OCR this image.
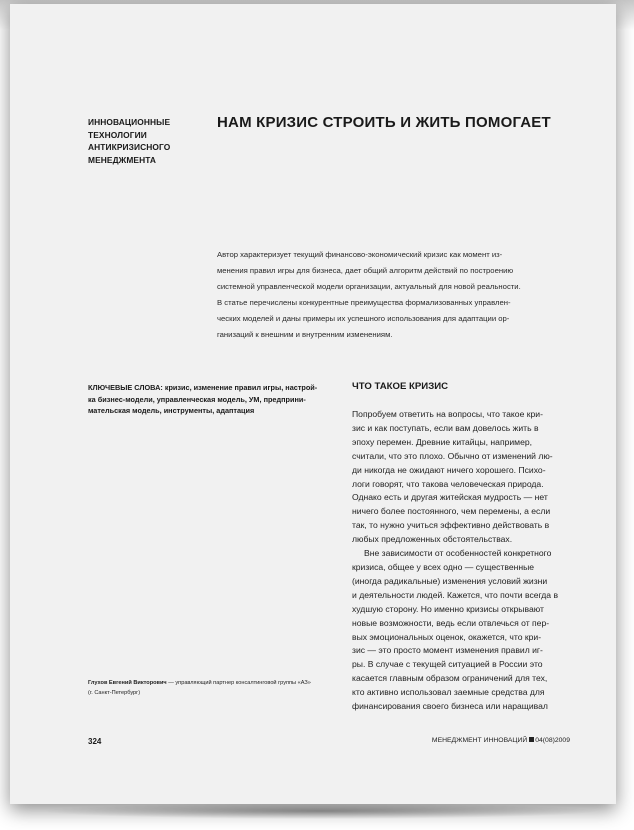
ИННОВАЦИОННЫЕ
ТЕХНОЛОГИИ
АНТИКРИЗИСНОГО
МЕНЕДЖМЕНТА
НАМ КРИЗИС СТРОИТЬ И ЖИТЬ ПОМОГАЕТ
Автор характеризует текущий финансово-экономический кризис как момент из-
менения правил игры для бизнеса, дает общий алгоритм действий по построению
системной управленческой модели организации, актуальный для новой реальности.
В статье перечислены конкурентные преимущества формализованных управлен-
ческих моделей и даны примеры их успешного использования для адаптации ор-
ганизаций к внешним и внутренним изменениям.
КЛЮЧЕВЫЕ СЛОВА: кризис, изменение правил игры, настрой-
ка бизнес-модели, управленческая модель, УМ, предприни-
мательская модель, инструменты, адаптация
Глухов Евгений Викторович — управляющий партнер консалтинговой группы «АЗ»
(г. Санкт-Петербург)
ЧТО ТАКОЕ КРИЗИС
Попробуем ответить на вопросы, что такое кри-
зис и как поступать, если вам довелось жить в
эпоху перемен. Древние китайцы, например,
считали, что это плохо. Обычно от изменений лю-
ди никогда не ожидают ничего хорошего. Психо-
логи говорят, что такова человеческая природа.
Однако есть и другая житейская мудрость — нет
ничего более постоянного, чем перемены, а если
так, то нужно учиться эффективно действовать в
любых предложенных обстоятельствах.
Вне зависимости от особенностей конкретного
кризиса, общее у всех одно — существенные
(иногда радикальные) изменения условий жизни
и деятельности людей. Кажется, что почти всегда в
худшую сторону. Но именно кризисы открывают
новые возможности, ведь если отвлечься от пер-
вых эмоциональных оценок, окажется, что кри-
зис — это просто момент изменения правил иг-
ры. В случае с текущей ситуацией в России это
касается главным образом ограничений для тех,
кто активно использовал заемные средства для
финансирования своего бизнеса или наращивал
324	МЕНЕДЖМЕНТ ИННОВАЦИЙ 04(08)2009
